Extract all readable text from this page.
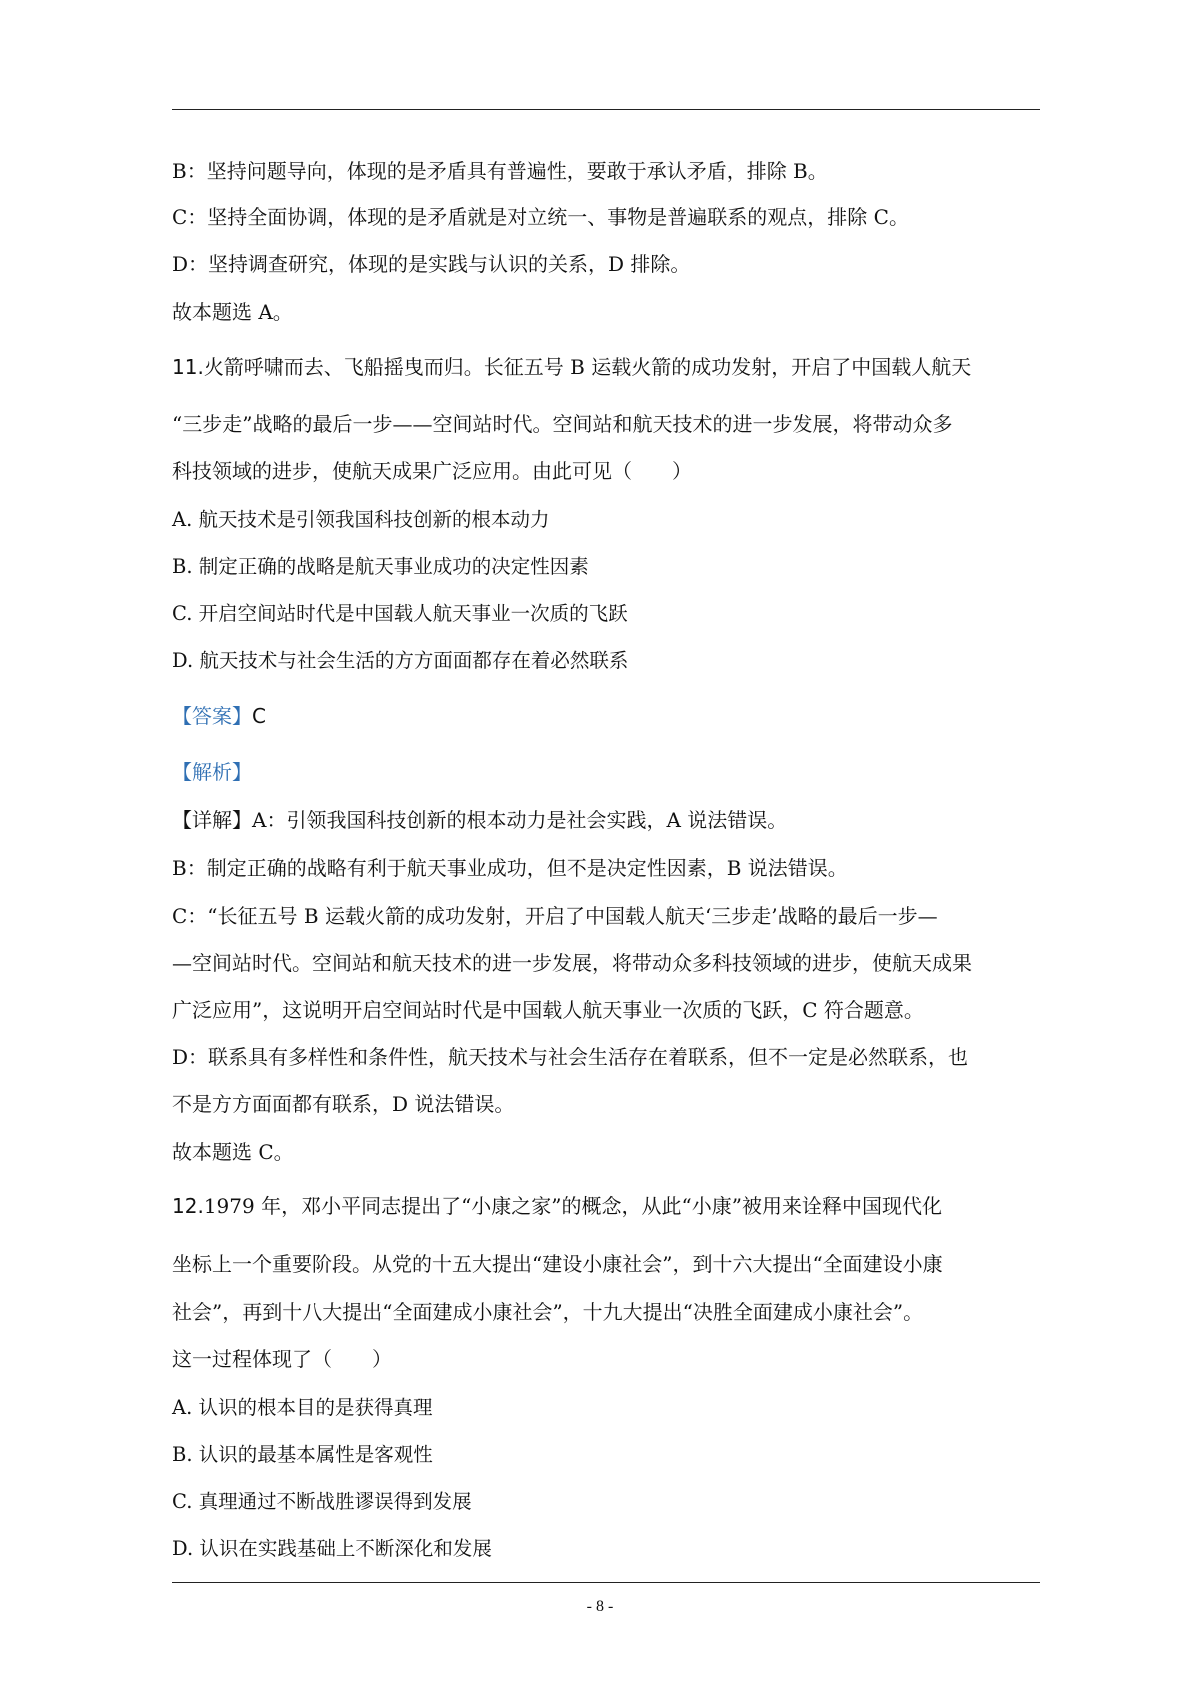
B：坚持问题导向，体现的是矛盾具有普遍性，要敢于承认矛盾，排除 B。
C：坚持全面协调，体现的是矛盾就是对立统一、事物是普遍联系的观点，排除 C。
D：坚持调查研究，体现的是实践与认识的关系，D 排除。
故本题选 A。
11.火箭呼啸而去、飞船摇曳而归。长征五号 B 运载火箭的成功发射，开启了中国载人航天
“三步走”战略的最后一步——空间站时代。空间站和航天技术的进一步发展，将带动众多
科技领域的进步，使航天成果广泛应用。由此可见（　　）
A. 航天技术是引领我国科技创新的根本动力
B. 制定正确的战略是航天事业成功的决定性因素
C. 开启空间站时代是中国载人航天事业一次质的飞跃
D. 航天技术与社会生活的方方面面都存在着必然联系
【答案】C
【解析】
【详解】A：引领我国科技创新的根本动力是社会实践，A 说法错误。
B：制定正确的战略有利于航天事业成功，但不是决定性因素，B 说法错误。
C：“长征五号 B 运载火箭的成功发射，开启了中国载人航天‘三步走’战略的最后一步—
—空间站时代。空间站和航天技术的进一步发展，将带动众多科技领域的进步，使航天成果
广泛应用”，这说明开启空间站时代是中国载人航天事业一次质的飞跃，C 符合题意。
D：联系具有多样性和条件性，航天技术与社会生活存在着联系，但不一定是必然联系，也
不是方方面面都有联系，D 说法错误。
故本题选 C。
12.1979 年，邓小平同志提出了“小康之家”的概念，从此“小康”被用来诠释中国现代化
坐标上一个重要阶段。从党的十五大提出“建设小康社会”，到十六大提出“全面建设小康
社会”，再到十八大提出“全面建成小康社会”，十九大提出“决胜全面建成小康社会”。
这一过程体现了（　　）
A. 认识的根本目的是获得真理
B. 认识的最基本属性是客观性
C. 真理通过不断战胜谬误得到发展
D. 认识在实践基础上不断深化和发展
- 8 -
